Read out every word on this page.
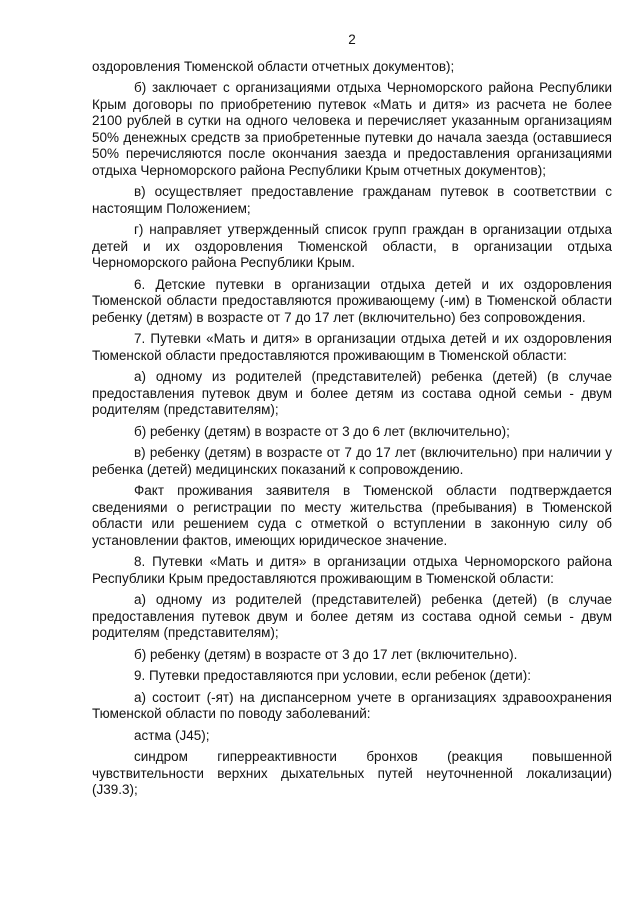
2

оздоровления Тюменской области отчетных документов);

б) заключает с организациями отдыха Черноморского района Республики Крым договоры по приобретению путевок «Мать и дитя» из расчета не более 2100 рублей в сутки на одного человека и перечисляет указанным организациям 50% денежных средств за приобретенные путевки до начала заезда (оставшиеся 50% перечисляются после окончания заезда и предоставления организациями отдыха Черноморского района Республики Крым отчетных документов);

в) осуществляет предоставление гражданам путевок в соответствии с настоящим Положением;

г) направляет утвержденный список групп граждан в организации отдыха детей и их оздоровления Тюменской области, в организации отдыха Черноморского района Республики Крым.

6. Детские путевки в организации отдыха детей и их оздоровления Тюменской области предоставляются проживающему (-им) в Тюменской области ребенку (детям) в возрасте от 7 до 17 лет (включительно) без сопровождения.

7. Путевки «Мать и дитя» в организации отдыха детей и их оздоровления Тюменской области предоставляются проживающим в Тюменской области:

а) одному из родителей (представителей) ребенка (детей) (в случае предоставления путевок двум и более детям из состава одной семьи - двум родителям (представителям);

б) ребенку (детям) в возрасте от 3 до 6 лет (включительно);

в) ребенку (детям) в возрасте от 7 до 17 лет (включительно) при наличии у ребенка (детей) медицинских показаний к сопровождению.

Факт проживания заявителя в Тюменской области подтверждается сведениями о регистрации по месту жительства (пребывания) в Тюменской области или решением суда с отметкой о вступлении в законную силу об установлении фактов, имеющих юридическое значение.

8. Путевки «Мать и дитя» в организации отдыха Черноморского района Республики Крым предоставляются проживающим в Тюменской области:

а) одному из родителей (представителей) ребенка (детей) (в случае предоставления путевок двум и более детям из состава одной семьи - двум родителям (представителям);

б) ребенку (детям) в возрасте от 3 до 17 лет (включительно).

9. Путевки предоставляются при условии, если ребенок (дети):

а) состоит (-ят) на диспансерном учете в организациях здравоохранения Тюменской области по поводу заболеваний:

астма (J45);

синдром гиперреактивности бронхов (реакция повышенной чувствительности верхних дыхательных путей неуточненной локализации) (J39.3);
